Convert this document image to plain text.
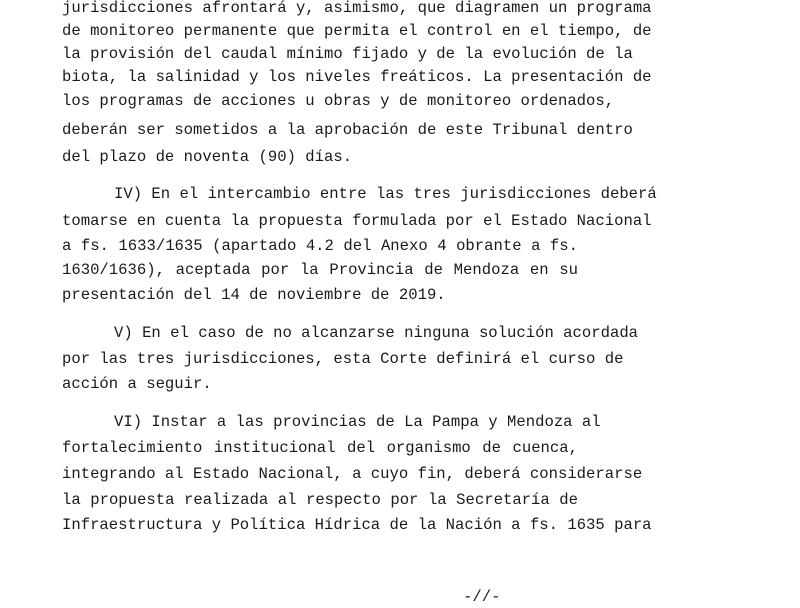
jurisdicciones afrontará y, asimismo, que diagramen un programa
de monitoreo permanente que permita el control en el tiempo, de
la provisión del caudal mínimo fijado y de la evolución de la
biota, la salinidad y los niveles freáticos. La presentación de
los programas de acciones u obras y de monitoreo ordenados,
deberán ser sometidos a la aprobación de este Tribunal dentro
del plazo de noventa (90) días.
IV) En el intercambio entre las tres jurisdicciones deberá
tomarse en cuenta la propuesta formulada por el Estado Nacional
a fs. 1633/1635 (apartado 4.2 del Anexo 4 obrante a fs.
1630/1636), aceptada por la Provincia de Mendoza en su
presentación del 14 de noviembre de 2019.
V) En el caso de no alcanzarse ninguna solución acordada
por las tres jurisdicciones, esta Corte definirá el curso de
acción a seguir.
VI) Instar a las provincias de La Pampa y Mendoza al
fortalecimiento institucional del organismo de cuenca,
integrando al Estado Nacional, a cuyo fin, deberá considerarse
la propuesta realizada al respecto por la Secretaría de
Infraestructura y Política Hídrica de la Nación a fs. 1635 para
-//-
